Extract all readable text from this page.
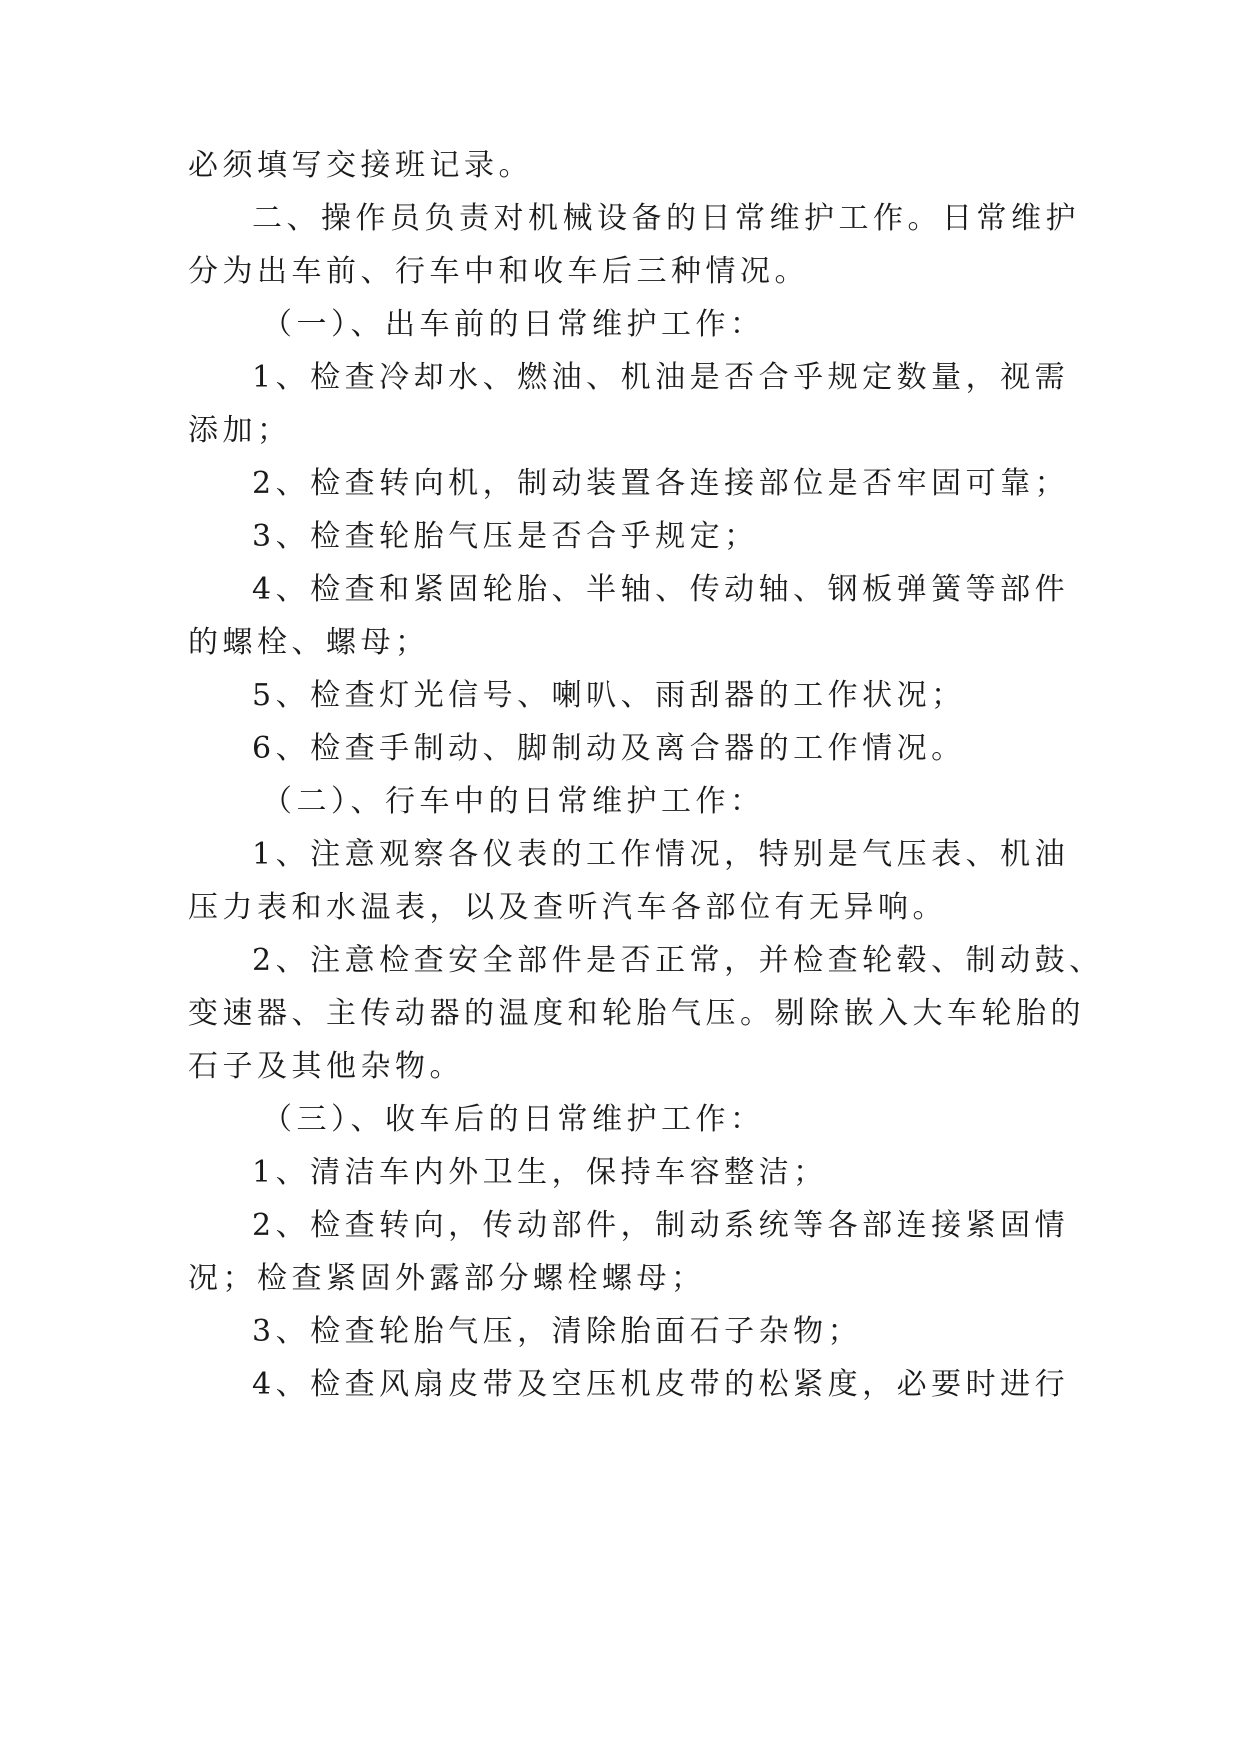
必须填写交接班记录。

二、操作员负责对机械设备的日常维护工作。日常维护

分为出车前、行车中和收车后三种情况。

（一）、出车前的日常维护工作：

1、检查冷却水、燃油、机油是否合乎规定数量，视需

添加；

2、检查转向机，制动装置各连接部位是否牢固可靠；

3、检查轮胎气压是否合乎规定；

4、检查和紧固轮胎、半轴、传动轴、钢板弹簧等部件

的螺栓、螺母；

5、检查灯光信号、喇叭、雨刮器的工作状况；

6、检查手制动、脚制动及离合器的工作情况。

（二）、行车中的日常维护工作：

1、注意观察各仪表的工作情况，特别是气压表、机油

压力表和水温表，以及查听汽车各部位有无异响。

2、注意检查安全部件是否正常，并检查轮毂、制动鼓、

变速器、主传动器的温度和轮胎气压。剔除嵌入大车轮胎的

石子及其他杂物。

（三）、收车后的日常维护工作：

1、清洁车内外卫生，保持车容整洁；

2、检查转向，传动部件，制动系统等各部连接紧固情

况；检查紧固外露部分螺栓螺母；

3、检查轮胎气压，清除胎面石子杂物；

4、检查风扇皮带及空压机皮带的松紧度，必要时进行
